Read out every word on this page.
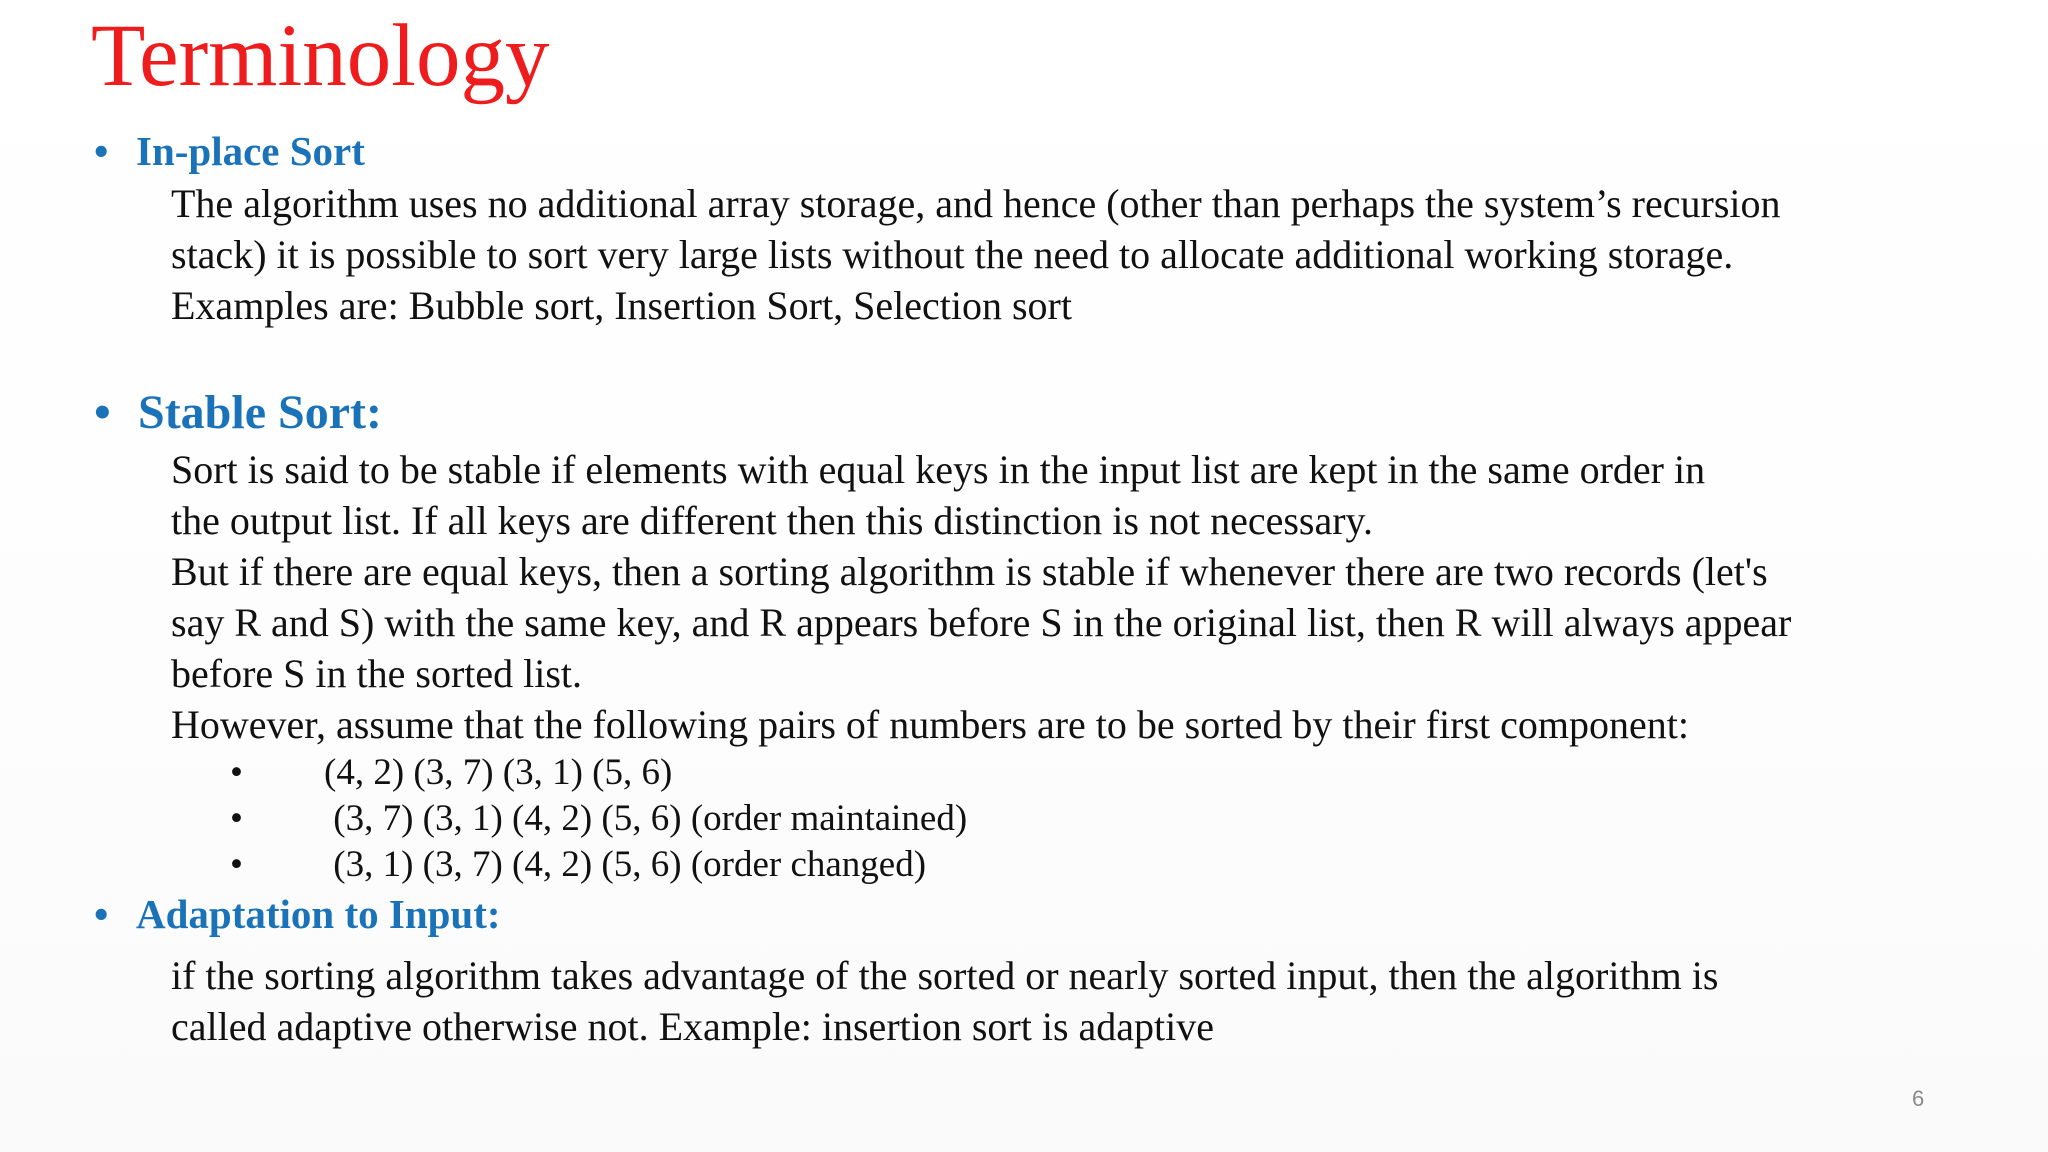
Terminology
• In-place Sort
The algorithm uses no additional array storage, and hence (other than perhaps the system’s recursion
stack) it is possible to sort very large lists without the need to allocate additional working storage.
Examples are: Bubble sort, Insertion Sort, Selection sort
• Stable Sort:
Sort is said to be stable if elements with equal keys in the input list are kept in the same order in
the output list. If all keys are different then this distinction is not necessary.
But if there are equal keys, then a sorting algorithm is stable if whenever there are two records (let's
say R and S) with the same key, and R appears before S in the original list, then R will always appear
before S in the sorted list.
However, assume that the following pairs of numbers are to be sorted by their first component:
• (4, 2) (3, 7) (3, 1) (5, 6)
• (3, 7) (3, 1) (4, 2) (5, 6) (order maintained)
• (3, 1) (3, 7) (4, 2) (5, 6) (order changed)
• Adaptation to Input:
if the sorting algorithm takes advantage of the sorted or nearly sorted input, then the algorithm is
called adaptive otherwise not. Example: insertion sort is adaptive
6
